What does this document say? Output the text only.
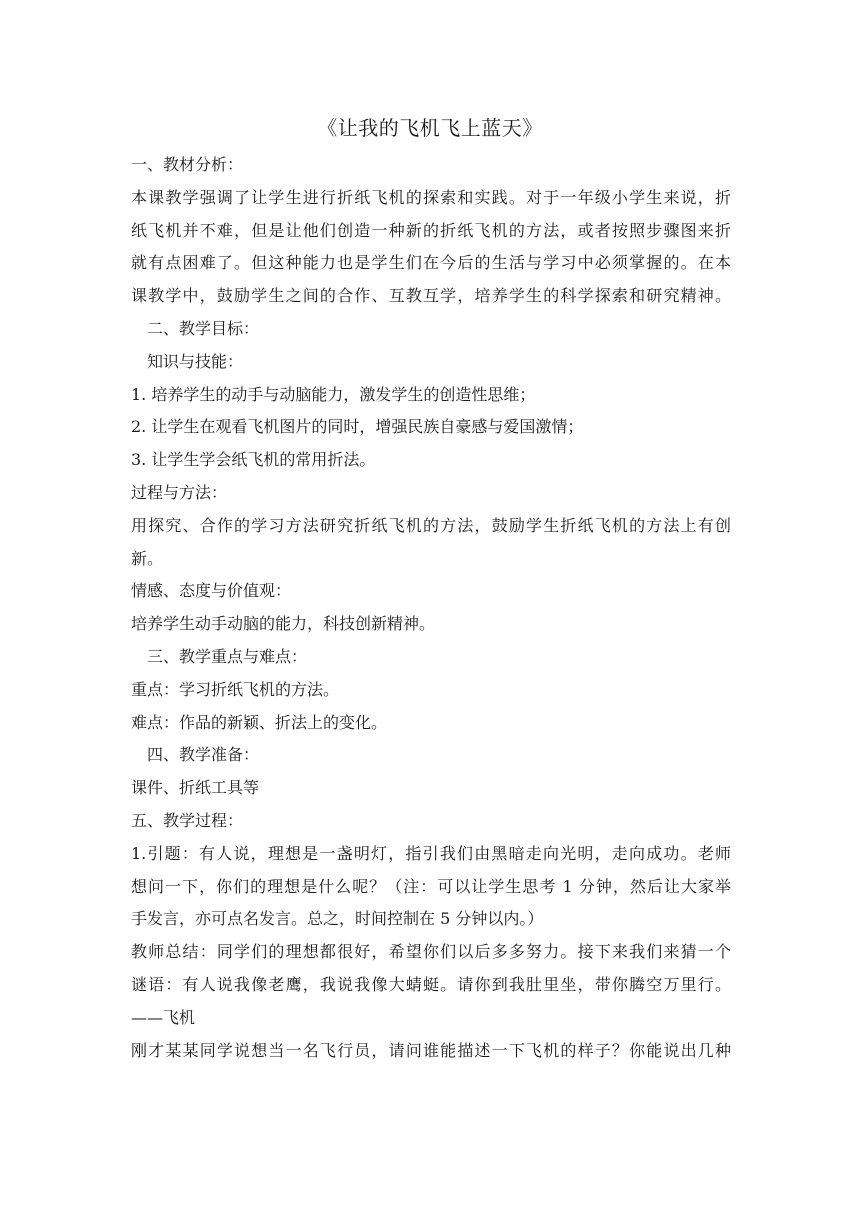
《让我的飞机飞上蓝天》
一、教材分析：
本课教学强调了让学生进行折纸飞机的探索和实践。对于一年级小学生来说，折
纸飞机并不难，但是让他们创造一种新的折纸飞机的方法，或者按照步骤图来折
就有点困难了。但这种能力也是学生们在今后的生活与学习中必须掌握的。在本
课教学中，鼓励学生之间的合作、互教互学，培养学生的科学探索和研究精神。
二、教学目标：
知识与技能：
1. 培养学生的动手与动脑能力，激发学生的创造性思维；
2. 让学生在观看飞机图片的同时，增强民族自豪感与爱国激情；
3. 让学生学会纸飞机的常用折法。
过程与方法：
用探究、合作的学习方法研究折纸飞机的方法，鼓励学生折纸飞机的方法上有创
新。
情感、态度与价值观：
培养学生动手动脑的能力，科技创新精神。
三、教学重点与难点：
重点：学习折纸飞机的方法。
难点：作品的新颖、折法上的变化。
四、教学准备：
课件、折纸工具等
五、教学过程：
1.引题：有人说，理想是一盏明灯，指引我们由黑暗走向光明，走向成功。老师
想问一下，你们的理想是什么呢？（注：可以让学生思考 1 分钟，然后让大家举
手发言，亦可点名发言。总之，时间控制在 5 分钟以内。）
教师总结：同学们的理想都很好，希望你们以后多多努力。接下来我们来猜一个
谜语：有人说我像老鹰，我说我像大蜻蜓。请你到我肚里坐，带你腾空万里行。
——飞机
刚才某某同学说想当一名飞行员，请问谁能描述一下飞机的样子？你能说出几种
